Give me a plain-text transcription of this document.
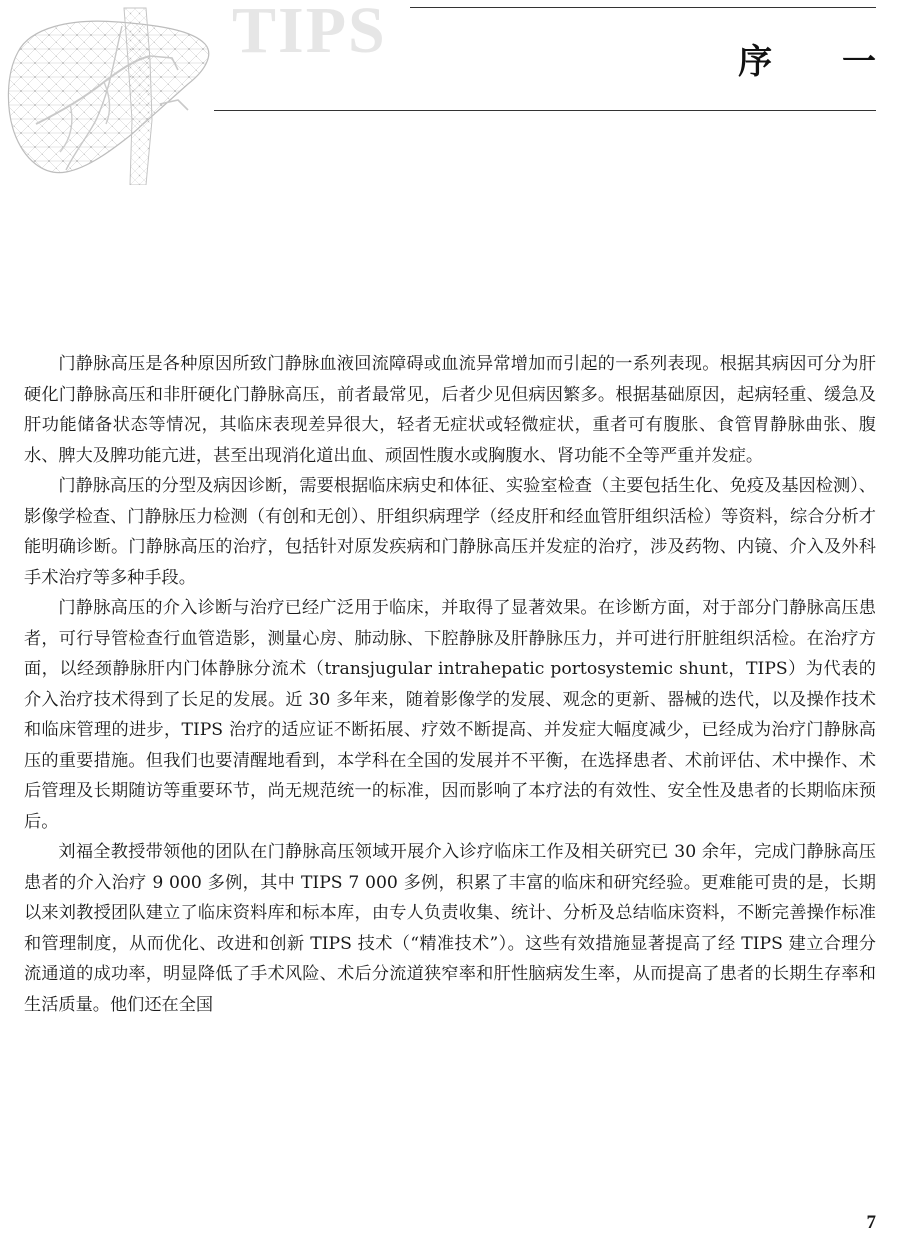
TIPS	序 一

门静脉高压是各种原因所致门静脉血液回流障碍或血流异常增加而引起的一系列表现。根据其病因可分为肝硬化门静脉高压和非肝硬化门静脉高压，前者最常见，后者少见但病因繁多。根据基础原因，起病轻重、缓急及肝功能储备状态等情况，其临床表现差异很大，轻者无症状或轻微症状，重者可有腹胀、食管胃静脉曲张、腹水、脾大及脾功能亢进，甚至出现消化道出血、顽固性腹水或胸腹水、肾功能不全等严重并发症。

门静脉高压的分型及病因诊断，需要根据临床病史和体征、实验室检查（主要包括生化、免疫及基因检测）、影像学检查、门静脉压力检测（有创和无创）、肝组织病理学（经皮肝和经血管肝组织活检）等资料，综合分析才能明确诊断。门静脉高压的治疗，包括针对原发疾病和门静脉高压并发症的治疗，涉及药物、内镜、介入及外科手术治疗等多种手段。

门静脉高压的介入诊断与治疗已经广泛用于临床，并取得了显著效果。在诊断方面，对于部分门静脉高压患者，可行导管检查行血管造影，测量心房、肺动脉、下腔静脉及肝静脉压力，并可进行肝脏组织活检。在治疗方面，以经颈静脉肝内门体静脉分流术（transjugular intrahepatic portosystemic shunt，TIPS）为代表的介入治疗技术得到了长足的发展。近 30 多年来，随着影像学的发展、观念的更新、器械的迭代，以及操作技术和临床管理的进步，TIPS 治疗的适应证不断拓展、疗效不断提高、并发症大幅度减少，已经成为治疗门静脉高压的重要措施。但我们也要清醒地看到，本学科在全国的发展并不平衡，在选择患者、术前评估、术中操作、术后管理及长期随访等重要环节，尚无规范统一的标准，因而影响了本疗法的有效性、安全性及患者的长期临床预后。

刘福全教授带领他的团队在门静脉高压领域开展介入诊疗临床工作及相关研究已 30 余年，完成门静脉高压患者的介入治疗 9 000 多例，其中 TIPS 7 000 多例，积累了丰富的临床和研究经验。更难能可贵的是，长期以来刘教授团队建立了临床资料库和标本库，由专人负责收集、统计、分析及总结临床资料，不断完善操作标准和管理制度，从而优化、改进和创新 TIPS 技术（“精准技术”）。这些有效措施显著提高了经 TIPS 建立合理分流通道的成功率，明显降低了手术风险、术后分流道狭窄率和肝性脑病发生率，从而提高了患者的长期生存率和生活质量。他们还在全国

7
